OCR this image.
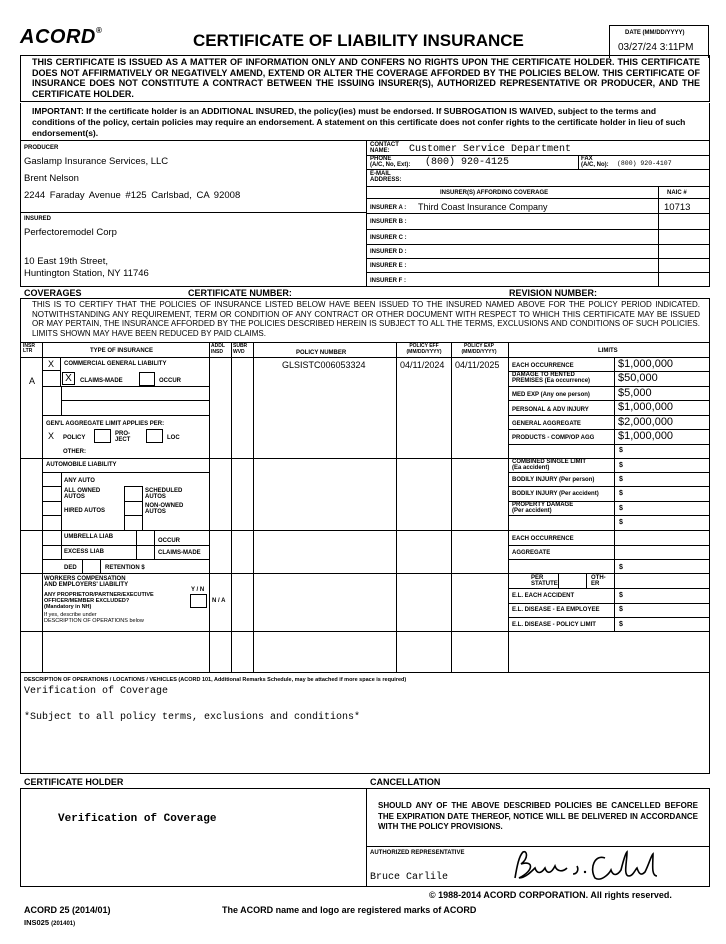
ACORD®
CERTIFICATE OF LIABILITY INSURANCE	DATE (MM/DD/YYYY)
03/27/24 3:11PM
THIS CERTIFICATE IS ISSUED AS A MATTER OF INFORMATION ONLY AND CONFERS NO RIGHTS UPON THE CERTIFICATE HOLDER. THIS CERTIFICATE DOES NOT AFFIRMATIVELY OR NEGATIVELY AMEND, EXTEND OR ALTER THE COVERAGE AFFORDED BY THE POLICIES BELOW. THIS CERTIFICATE OF INSURANCE DOES NOT CONSTITUTE A CONTRACT BETWEEN THE ISSUING INSURER(S), AUTHORIZED REPRESENTATIVE OR PRODUCER, AND THE CERTIFICATE HOLDER.
IMPORTANT: If the certificate holder is an ADDITIONAL INSURED, the policy(ies) must be endorsed. If SUBROGATION IS WAIVED, subject to the terms and conditions of the policy, certain policies may require an endorsement. A statement on this certificate does not confer rights to the certificate holder in lieu of such endorsement(s).
PRODUCER
Gaslamp Insurance Services, LLC
Brent Nelson
2244 Faraday Avenue #125 Carlsbad, CA 92008
CONTACT
NAME:	Customer Service Department
PHONE
(A/C, No, Ext): (800) 920-4125	FAX
(A/C, No): (800) 920-4107
E-MAIL
ADDRESS:
INSURER(S) AFFORDING COVERAGE	NAIC #
INSURER A : Third Coast Insurance Company	10713
INSURER B :
INSURER C :
INSURER D :
INSURER E :
INSURER F :
INSURED
Perfectoremodel Corp
10 East 19th Street,
Huntington Station, NY 11746
COVERAGES	CERTIFICATE NUMBER:	REVISION NUMBER:
THIS IS TO CERTIFY THAT THE POLICIES OF INSURANCE LISTED BELOW HAVE BEEN ISSUED TO THE INSURED NAMED ABOVE FOR THE POLICY PERIOD INDICATED. NOTWITHSTANDING ANY REQUIREMENT, TERM OR CONDITION OF ANY CONTRACT OR OTHER DOCUMENT WITH RESPECT TO WHICH THIS CERTIFICATE MAY BE ISSUED OR MAY PERTAIN, THE INSURANCE AFFORDED BY THE POLICIES DESCRIBED HEREIN IS SUBJECT TO ALL THE TERMS, EXCLUSIONS AND CONDITIONS OF SUCH POLICIES. LIMITS SHOWN MAY HAVE BEEN REDUCED BY PAID CLAIMS.
INSR
LTR	TYPE OF INSURANCE
ADDL
INSD
SUBR
WVD	POLICY NUMBER
POLICY EFF
(MM/DD/YYYY)
POLICY EXP
(MM/DD/YYYY)	LIMITS
A
X COMMERCIAL GENERAL LIABILITY
X	CLAIMS-MADE	OCCUR
GEN'L AGGREGATE LIMIT APPLIES PER:
X POLICY
PRO-
JECT	LOC
OTHER:
GLSISTC006053324	04/11/2024 04/11/2025 EACH OCCURRENCE	$1,000,000
DAMAGE TO RENTED
PREMISES (Ea occurrence)	$50,000
MED EXP (Any one person)	$5,000
PERSONAL & ADV INJURY	$1,000,000
GENERAL AGGREGATE	$2,000,000
PRODUCTS - COMP/OP AGG $1,000,000
$
AUTOMOBILE LIABILITY
ANY AUTO
ALL OWNED
AUTOS
SCHEDULED
AUTOS
HIRED AUTOS
NON-OWNED
AUTOS
COMBINED SINGLE LIMIT
(Ea accident)	$
BODILY INJURY (Per person)	$
BODILY INJURY (Per accident)	$
PROPERTY DAMAGE
(Per accident)	$
$
UMBRELLA LIAB
OCCUR
EXCESS LIAB	CLAIMS-MADE
DED	RETENTION $
EACH OCCURRENCE
AGGREGATE
$
WORKERS COMPENSATION
AND EMPLOYERS' LIABILITY
Y / N
ANY PROPRIETOR/PARTNER/EXECUTIVE
OFFICER/MEMBER EXCLUDED?
(Mandatory in NH)
If yes, describe under
DESCRIPTION OF OPERATIONS below
N / A
PER
STATUTE
OTH-
ER
E.L. EACH ACCIDENT	$
E.L. DISEASE - EA EMPLOYEE	$
E.L. DISEASE - POLICY LIMIT	$
DESCRIPTION OF OPERATIONS / LOCATIONS / VEHICLES (ACORD 101, Additional Remarks Schedule, may be attached if more space is required)
Verification of Coverage
*Subject to all policy terms, exclusions and conditions*
CERTIFICATE HOLDER	CANCELLATION
Verification of Coverage
SHOULD ANY OF THE ABOVE DESCRIBED POLICIES BE CANCELLED BEFORE THE EXPIRATION DATE THEREOF, NOTICE WILL BE DELIVERED IN ACCORDANCE WITH THE POLICY PROVISIONS.
AUTHORIZED REPRESENTATIVE
Bruce Carlile
© 1988-2014 ACORD CORPORATION. All rights reserved.
ACORD 25 (2014/01)	The ACORD name and logo are registered marks of ACORD
INS025 (201401)
